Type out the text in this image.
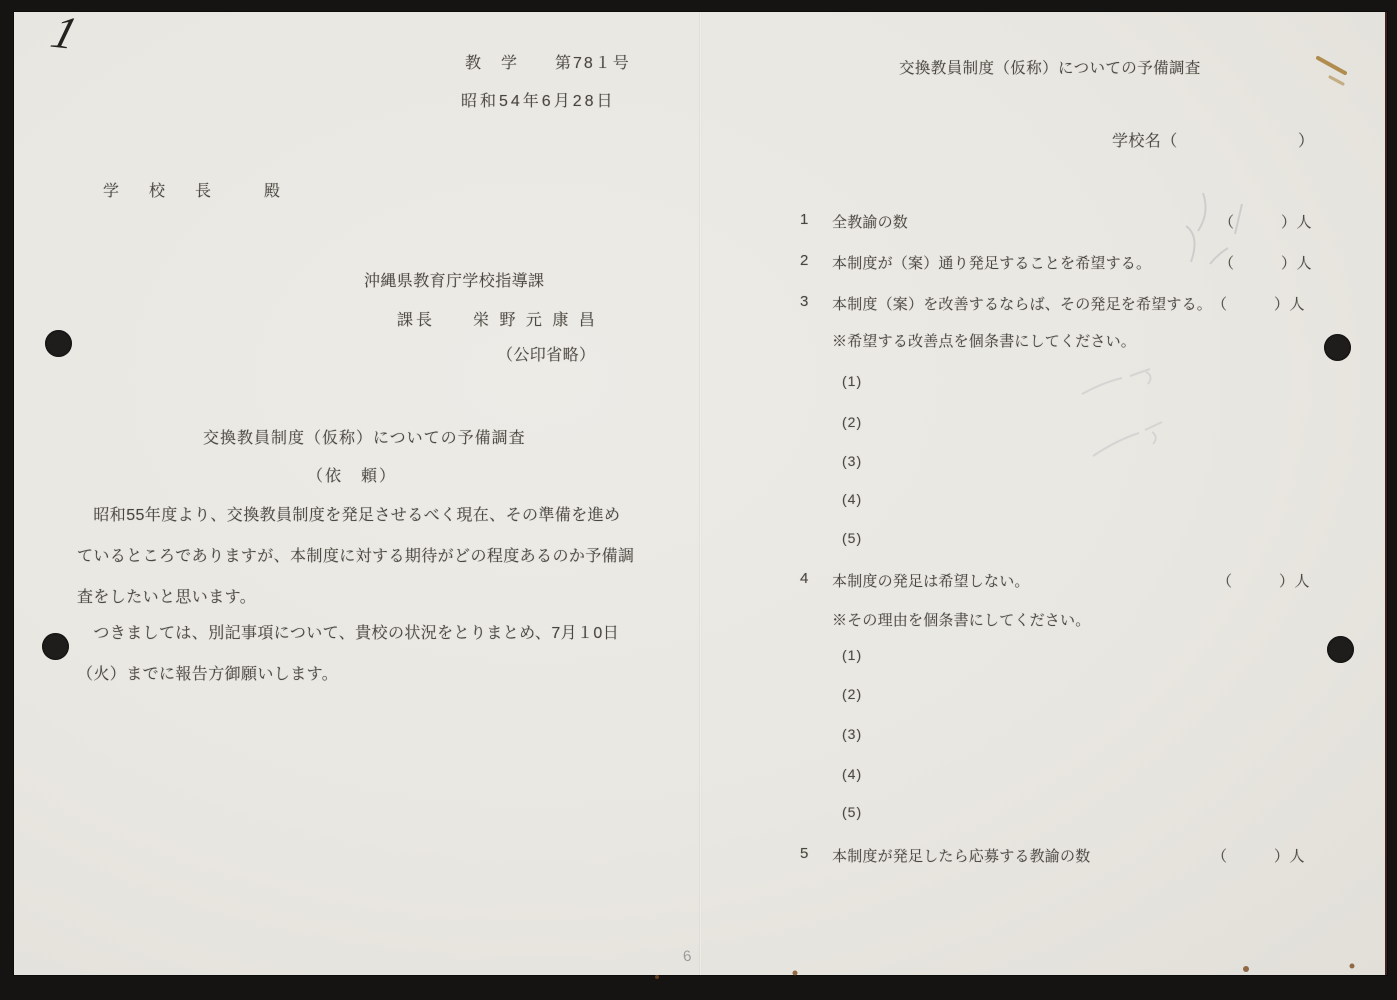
1
教　学　　第78１号
昭和54年6月28日
学　校　長　　殿
沖縄県教育庁学校指導課
課長　　栄 野 元 康 昌
（公印省略）
交換教員制度（仮称）についての予備調査
（依　頼）
　昭和55年度より、交換教員制度を発足させるべく現在、その準備を進め
ているところでありますが、本制度に対する期待がどの程度あるのか予備調
査をしたいと思います。
　つきましては、別記事項について、貴校の状況をとりまとめ、7月１0日
（火）までに報告方御願いします。
交換教員制度（仮称）についての予備調査
学校名（	）
1 全教諭の数	（　　　）人
2 本制度が（案）通り発足することを希望する。	（　　　）人
3 本制度（案）を改善するならば、その発足を希望する。 （　　　）人
※希望する改善点を個条書にしてください。
(1)
(2)
(3)
(4)
(5)
4 本制度の発足は希望しない。	（　　　）人
※その理由を個条書にしてください。
(1)
(2)
(3)
(4)
(5)
5 本制度が発足したら応募する教諭の数	（　　　）人
6
